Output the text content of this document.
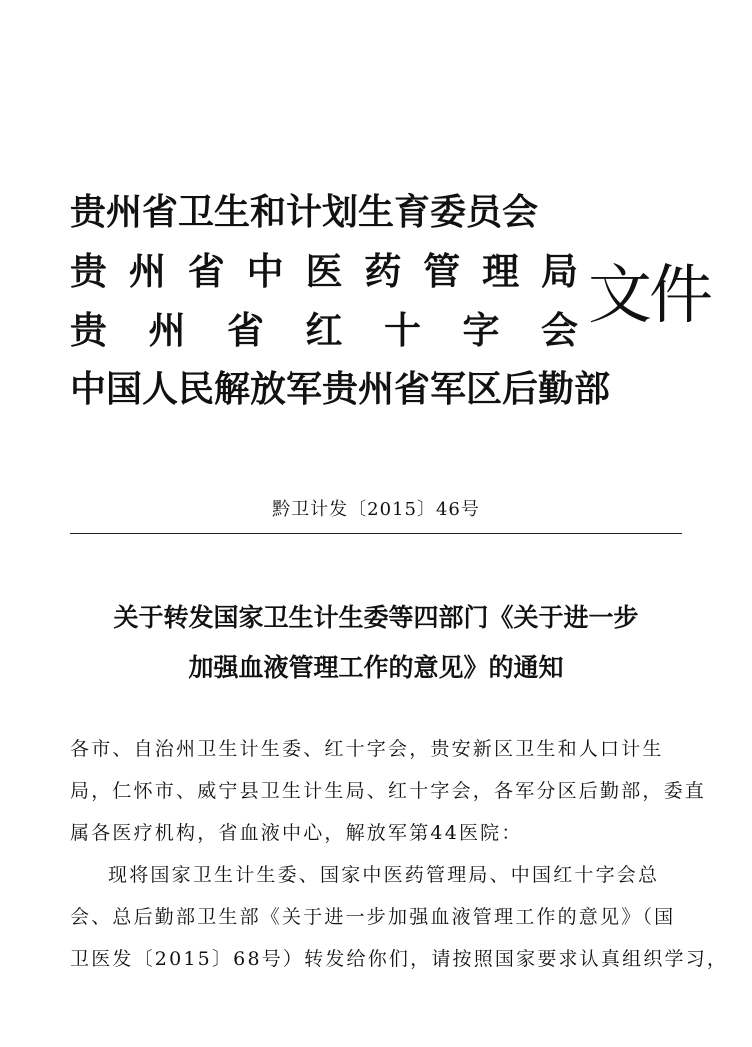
贵州省卫生和计划生育委员会
贵 州 省 中 医 药 管 理 局
贵 州 省 红 十 字 会
中国人民解放军贵州省军区后勤部
文件
黔卫计发〔2015〕46号
关于转发国家卫生计生委等四部门《关于进一步
加强血液管理工作的意见》的通知
各市、自治州卫生计生委、红十字会，贵安新区卫生和人口计生
局，仁怀市、威宁县卫生计生局、红十字会，各军分区后勤部，委直
属各医疗机构，省血液中心，解放军第44医院：
现将国家卫生计生委、国家中医药管理局、中国红十字会总
会、总后勤部卫生部《关于进一步加强血液管理工作的意见》（国
卫医发〔2015〕68号）转发给你们，请按照国家要求认真组织学习，
